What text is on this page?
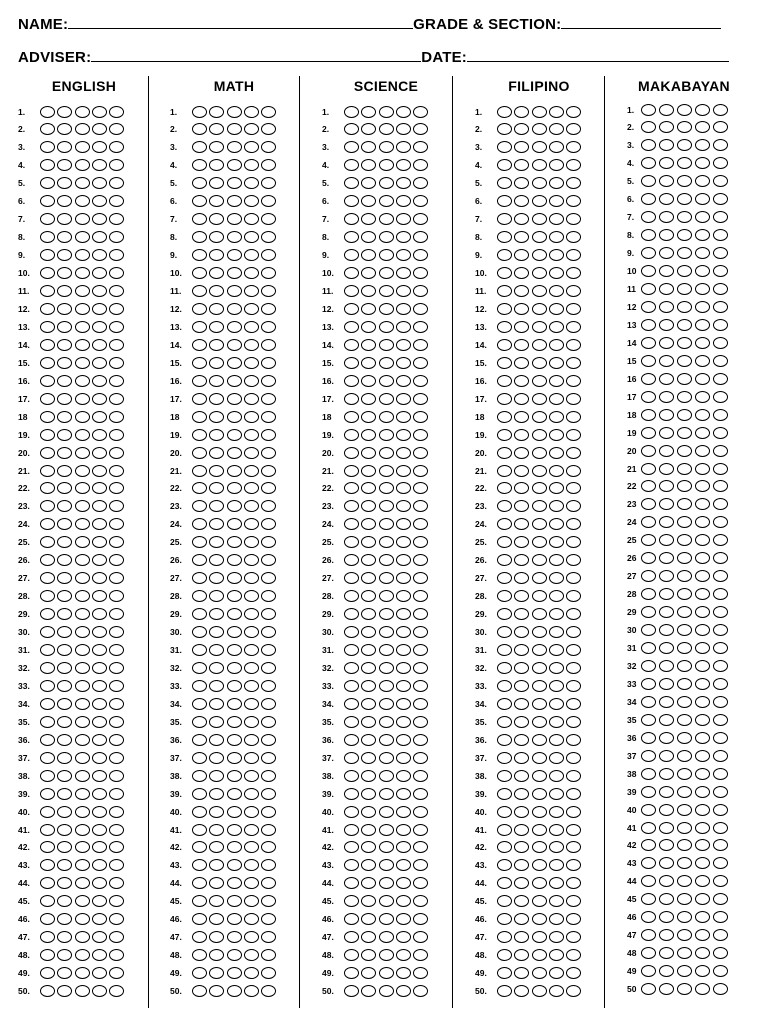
NAME:	GRADE & SECTION:
ADVISER:	DATE:
ENGLISH
1.
2.
3.
4.
5.
6.
7.
8.
9.
10.
11.
12.
13.
14.
15.
16.
17.
18
19.
20.
21.
22.
23.
24.
25.
26.
27.
28.
29.
30.
31.
32.
33.
34.
35.
36.
37.
38.
39.
40.
41.
42.
43.
44.
45.
46.
47.
48.
49.
50.
MATH
1.
2.
3.
4.
5.
6.
7.
8.
9.
10.
11.
12.
13.
14.
15.
16.
17.
18
19.
20.
21.
22.
23.
24.
25.
26.
27.
28.
29.
30.
31.
32.
33.
34.
35.
36.
37.
38.
39.
40.
41.
42.
43.
44.
45.
46.
47.
48.
49.
50.
SCIENCE
1.
2.
3.
4.
5.
6.
7.
8.
9.
10.
11.
12.
13.
14.
15.
16.
17.
18
19.
20.
21.
22.
23.
24.
25.
26.
27.
28.
29.
30.
31.
32.
33.
34.
35.
36.
37.
38.
39.
40.
41.
42.
43.
44.
45.
46.
47.
48.
49.
50.
FILIPINO
1.
2.
3.
4.
5.
6.
7.
8.
9.
10.
11.
12.
13.
14.
15.
16.
17.
18
19.
20.
21.
22.
23.
24.
25.
26.
27.
28.
29.
30.
31.
32.
33.
34.
35.
36.
37.
38.
39.
40.
41.
42.
43.
44.
45.
46.
47.
48.
49.
50.
MAKABAYAN
1.
2.
3.
4.
5.
6.
7.
8.
9.
10
11
12
13
14
15
16
17
18
19
20
21
22
23
24
25
26
27
28
29
30
31
32
33
34
35
36
37
38
39
40
41
42
43
44
45
46
47
48
49
50
